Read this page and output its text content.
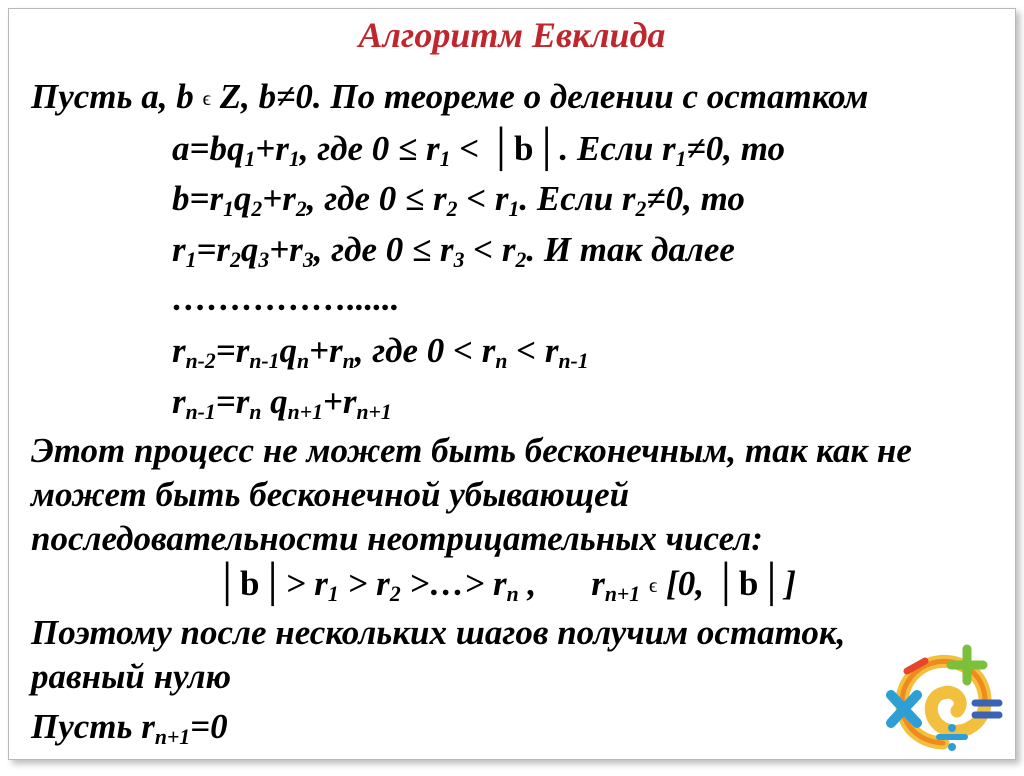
Алгоритм Евклида
Пусть a, b ϵ Z, b≠0. По теореме о делении с остатком
$a=bq_1+r_1$, где $0 \le r_1$ < │b│. Если $r_1\ne 0$, то
$b=r_1q_2+r_2$, где $0 \le r_2 < r_1$. Если $r_2\ne 0$, то
$r_1=r_2q_3+r_3$, где $0 \le r_3 < r_2$. И так далее
……………......
$r_{n-2}=r_{n-1}q_n+r_n$, где $0 < r_n < r_{n-1}$
$r_{n-1}=r_n$ $q_{n+1}+r_{n+1}$
Этот процесс не может быть бесконечным, так как не
может быть бесконечной убывающей
последовательности неотрицательных чисел:
│b│> $r_1 > r_2$ >…> $r_n$ , $r_{n+1}$ ϵ [0, │b│]
Поэтому после нескольких шагов получим остаток,
равный нулю
Пусть $r_{n+1}=0$
